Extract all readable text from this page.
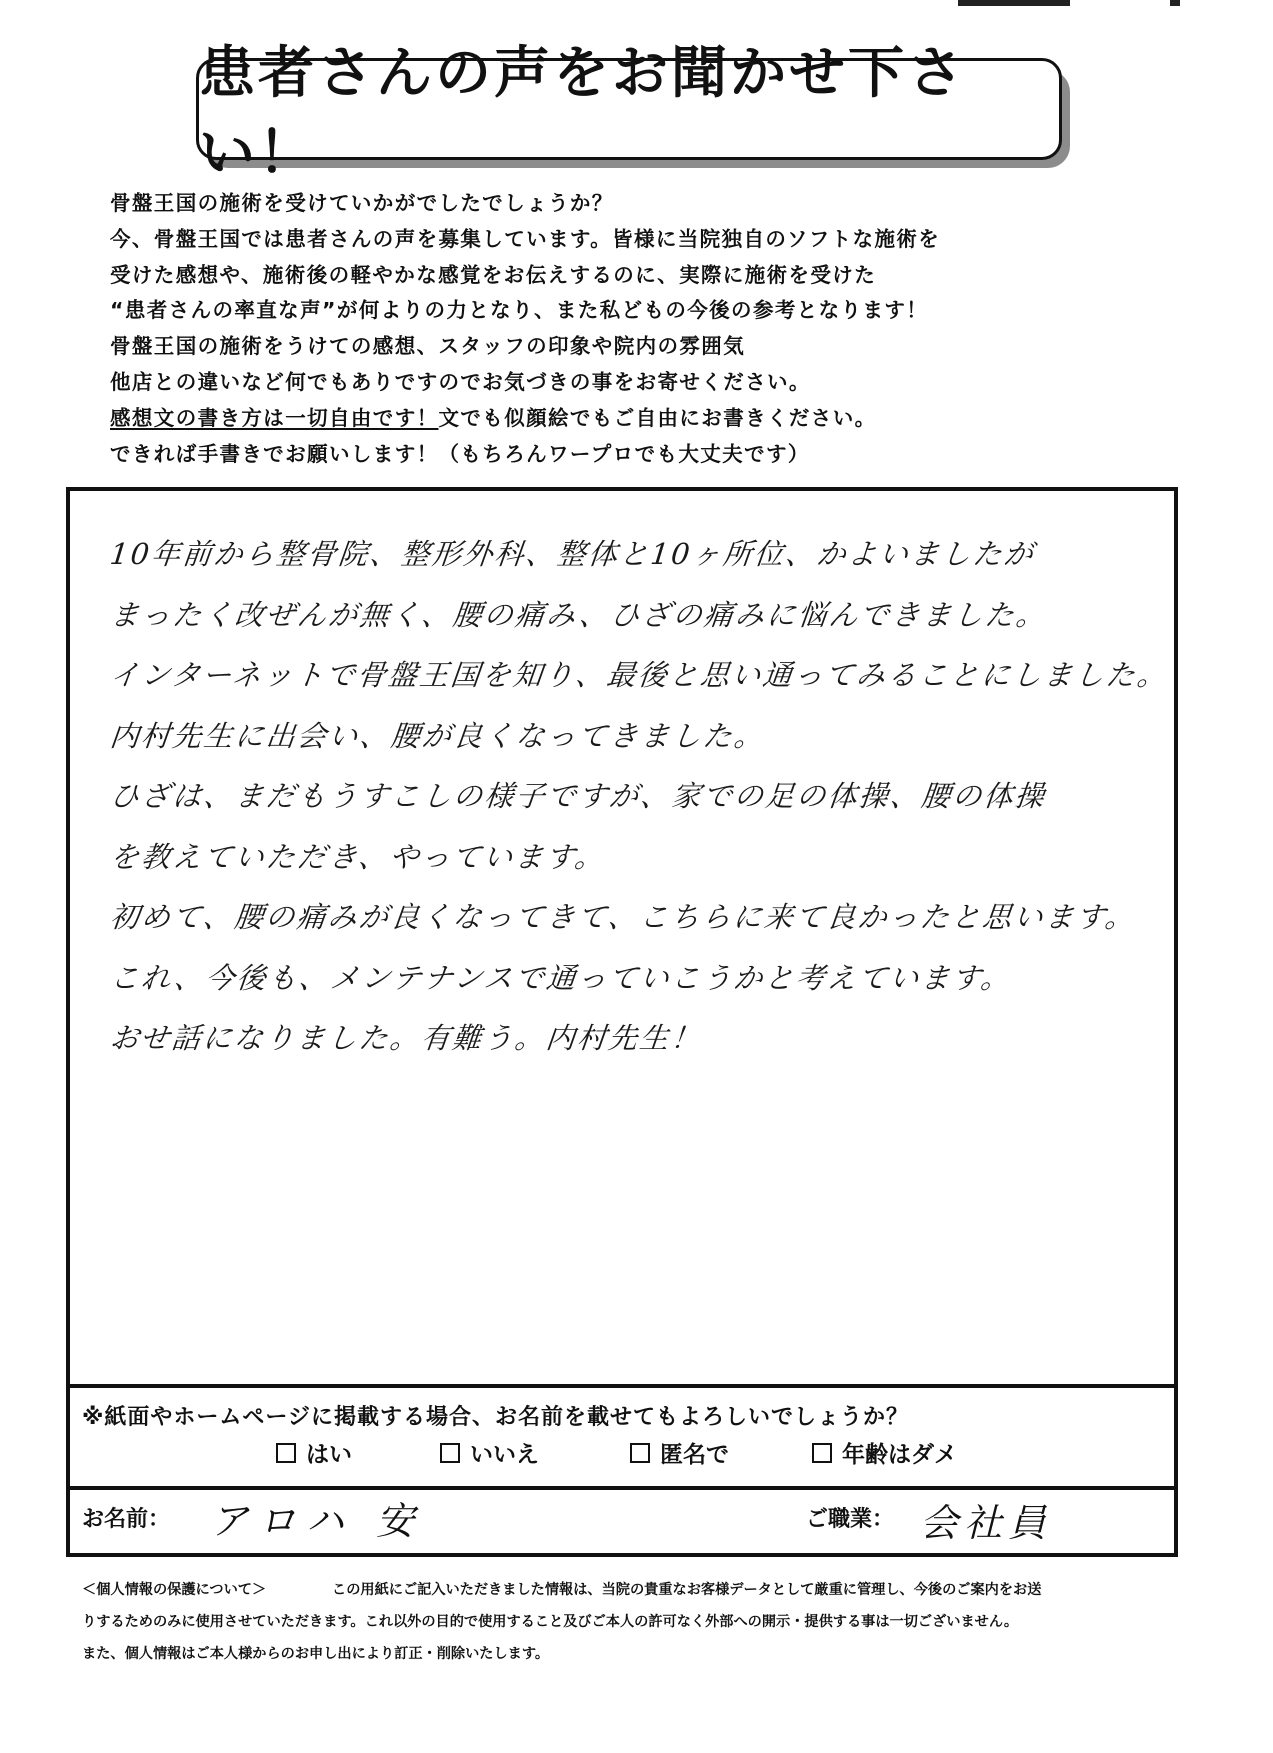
患者さんの声をお聞かせ下さい！
骨盤王国の施術を受けていかがでしたでしょうか？
今、骨盤王国では患者さんの声を募集しています。皆様に当院独自のソフトな施術を
受けた感想や、施術後の軽やかな感覚をお伝えするのに、実際に施術を受けた
“患者さんの率直な声”が何よりの力となり、また私どもの今後の参考となります！
骨盤王国の施術をうけての感想、スタッフの印象や院内の雰囲気
他店との違いなど何でもありですのでお気づきの事をお寄せください。
感想文の書き方は一切自由です！文でも似顔絵でもご自由にお書きください。
できれば手書きでお願いします！（もちろんワープロでも大丈夫です）
10年前から整骨院、整形外科、整体と10ヶ所位、かよいましたが
まったく改ぜんが無く、腰の痛み、ひざの痛みに悩んできました。
インターネットで骨盤王国を知り、最後と思い通ってみることにしました。
内村先生に出会い、腰が良くなってきました。
ひざは、まだもうすこしの様子ですが、家での足の体操、腰の体操
を教えていただき、やっています。
初めて、腰の痛みが良くなってきて、こちらに来て良かったと思います。
これ、今後も、メンテナンスで通っていこうかと考えています。
おせ話になりました。有難う。内村先生！
※紙面やホームページに掲載する場合、お名前を載せてもよろしいでしょうか？
はい	いいえ	匿名で	年齢はダメ
お名前： アロハ 安	ご職業： 会社員
＜個人情報の保護について＞	この用紙にご記入いただきました情報は、当院の貴重なお客様データとして厳重に管理し、今後のご案内をお送
りするためのみに使用させていただきます。これ以外の目的で使用すること及びご本人の許可なく外部への開示・提供する事は一切ございません。
また、個人情報はご本人様からのお申し出により訂正・削除いたします。
